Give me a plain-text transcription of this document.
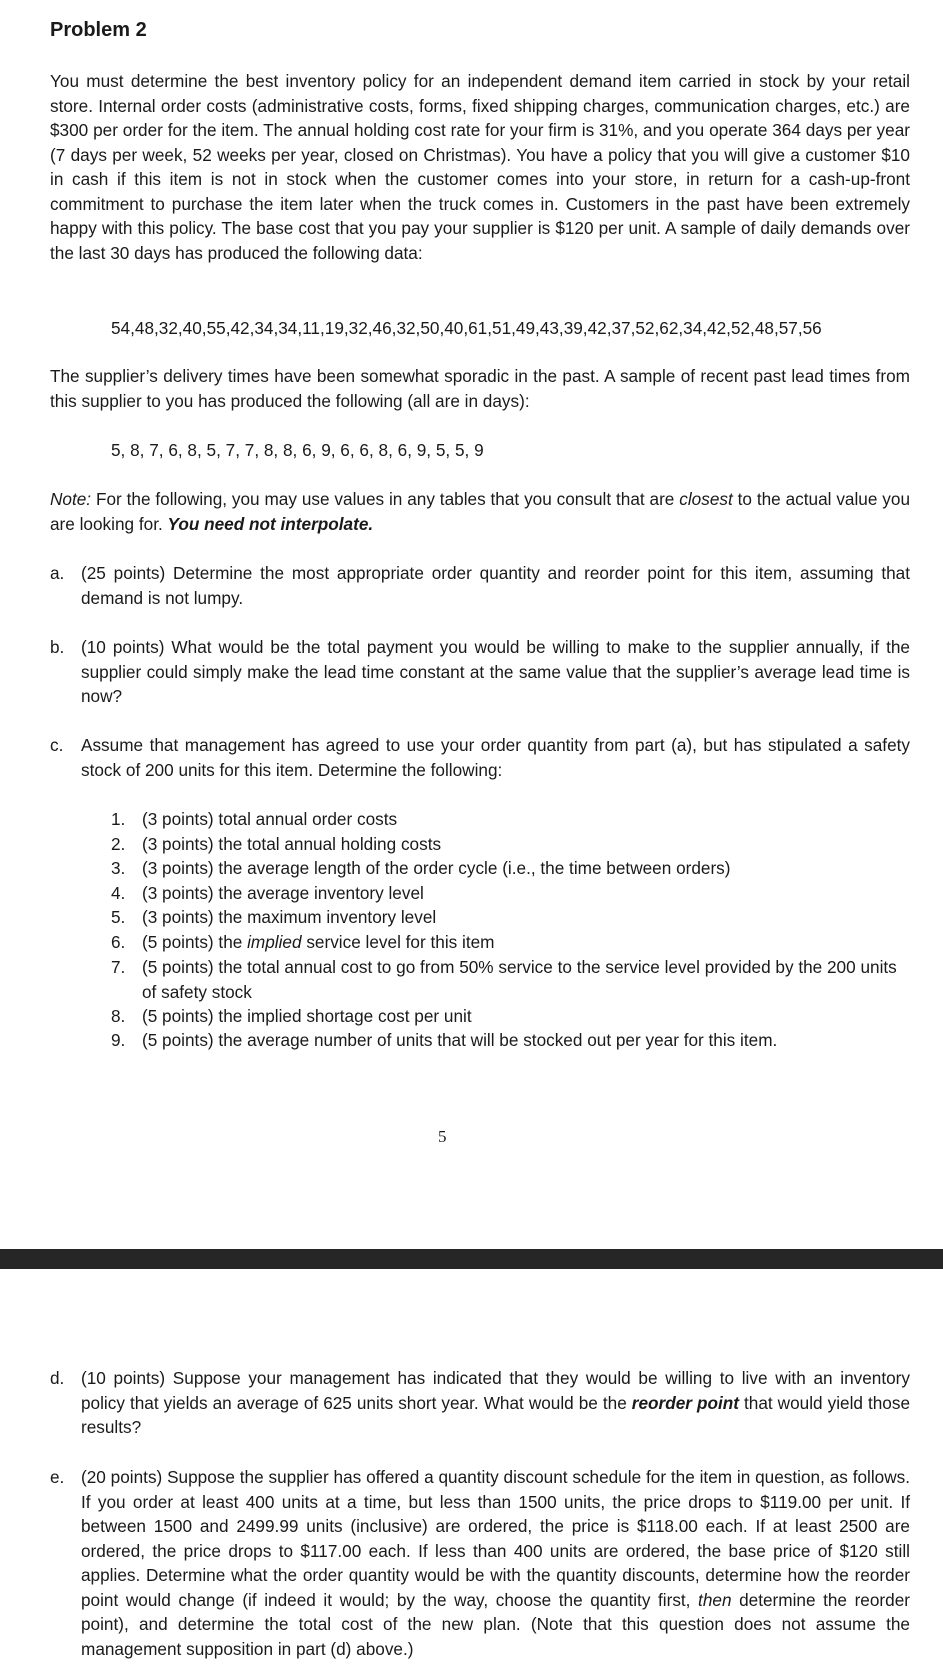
Problem 2
You must determine the best inventory policy for an independent demand item carried in stock by your retail store. Internal order costs (administrative costs, forms, fixed shipping charges, communication charges, etc.) are $300 per order for the item. The annual holding cost rate for your firm is 31%, and you operate 364 days per year (7 days per week, 52 weeks per year, closed on Christmas). You have a policy that you will give a customer $10 in cash if this item is not in stock when the customer comes into your store, in return for a cash-up-front commitment to purchase the item later when the truck comes in. Customers in the past have been extremely happy with this policy. The base cost that you pay your supplier is $120 per unit. A sample of daily demands over the last 30 days has produced the following data:
54,48,32,40,55,42,34,34,11,19,32,46,32,50,40,61,51,49,43,39,42,37,52,62,34,42,52,48,57,56
The supplier’s delivery times have been somewhat sporadic in the past. A sample of recent past lead times from this supplier to you has produced the following (all are in days):
5, 8, 7, 6, 8, 5, 7, 7, 8, 8, 6, 9, 6, 6, 8, 6, 9, 5, 5, 9
Note: For the following, you may use values in any tables that you consult that are closest to the actual value you are looking for. You need not interpolate.
a. (25 points) Determine the most appropriate order quantity and reorder point for this item, assuming that demand is not lumpy.
b. (10 points) What would be the total payment you would be willing to make to the supplier annually, if the supplier could simply make the lead time constant at the same value that the supplier’s average lead time is now?
c. Assume that management has agreed to use your order quantity from part (a), but has stipulated a safety stock of 200 units for this item. Determine the following:
1. (3 points) total annual order costs
2. (3 points) the total annual holding costs
3. (3 points) the average length of the order cycle (i.e., the time between orders)
4. (3 points) the average inventory level
5. (3 points) the maximum inventory level
6. (5 points) the implied service level for this item
7. (5 points) the total annual cost to go from 50% service to the service level provided by the 200 units of safety stock
8. (5 points) the implied shortage cost per unit
9. (5 points) the average number of units that will be stocked out per year for this item.
5
d. (10 points) Suppose your management has indicated that they would be willing to live with an inventory policy that yields an average of 625 units short year. What would be the reorder point that would yield those results?
e. (20 points) Suppose the supplier has offered a quantity discount schedule for the item in question, as follows. If you order at least 400 units at a time, but less than 1500 units, the price drops to $119.00 per unit. If between 1500 and 2499.99 units (inclusive) are ordered, the price is $118.00 each. If at least 2500 are ordered, the price drops to $117.00 each. If less than 400 units are ordered, the base price of $120 still applies. Determine what the order quantity would be with the quantity discounts, determine how the reorder point would change (if indeed it would; by the way, choose the quantity first, then determine the reorder point), and determine the total cost of the new plan. (Note that this question does not assume the management supposition in part (d) above.)
